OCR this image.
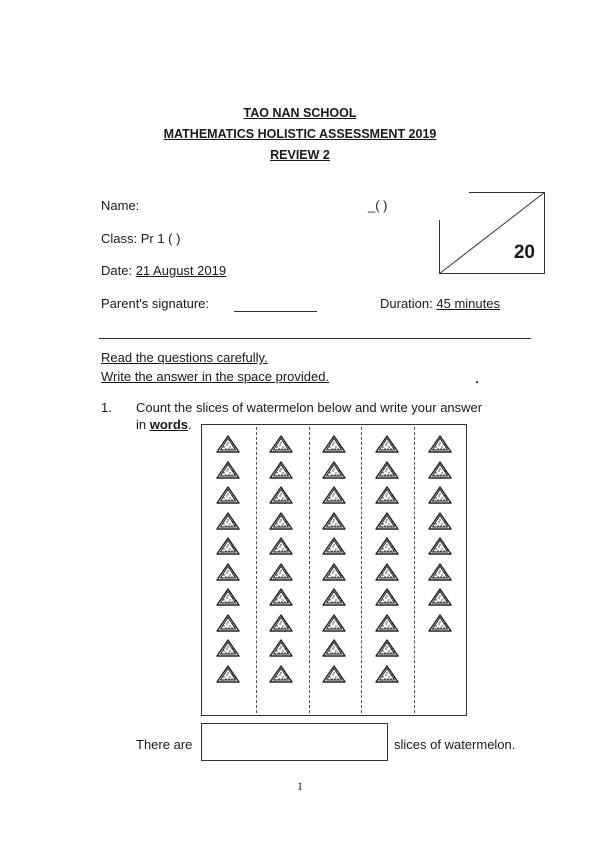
TAO NAN SCHOOL
MATHEMATICS HOLISTIC ASSESSMENT 2019
REVIEW 2
Name:	_( )
Class: Pr 1 ( )
Date: 21 August 2019
Parent's signature:	Duration: 45 minutes
20
Read the questions carefully.
Write the answer in the space provided.
1. Count the slices of watermelon below and write your answer
in words.
There are	slices of watermelon.
1
